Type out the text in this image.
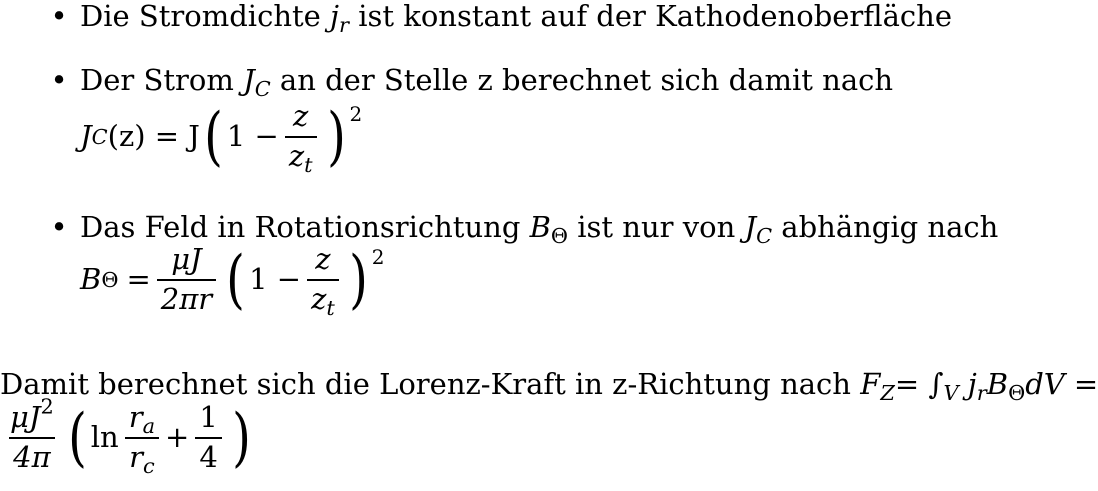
• Die Stromdichte $j_r$ ist konstant auf der Kathodenoberfläche
• Der Strom $J_C$ an der Stelle z berechnet sich damit nach
J C (z) = J ( $1 - \frac{z}{z_t}$ ) 2
• Das Feld in Rotationsrichtung $B_\Theta$ ist nur von $J_C$ abhängig nach
B $\Theta = \frac{\mu J}{2\pi r}$ ( $1 - \frac{z}{z_t}$ ) 2
Damit berechnet sich die Lorenz-Kraft in z-Richtung nach $F_Z= \int_V$ $j_rB_\Theta dV$ =
$\frac{\mu J^2}{4\pi}$ ( $\ln \frac{r_a}{r_c} + \frac{1}{4}$ )
